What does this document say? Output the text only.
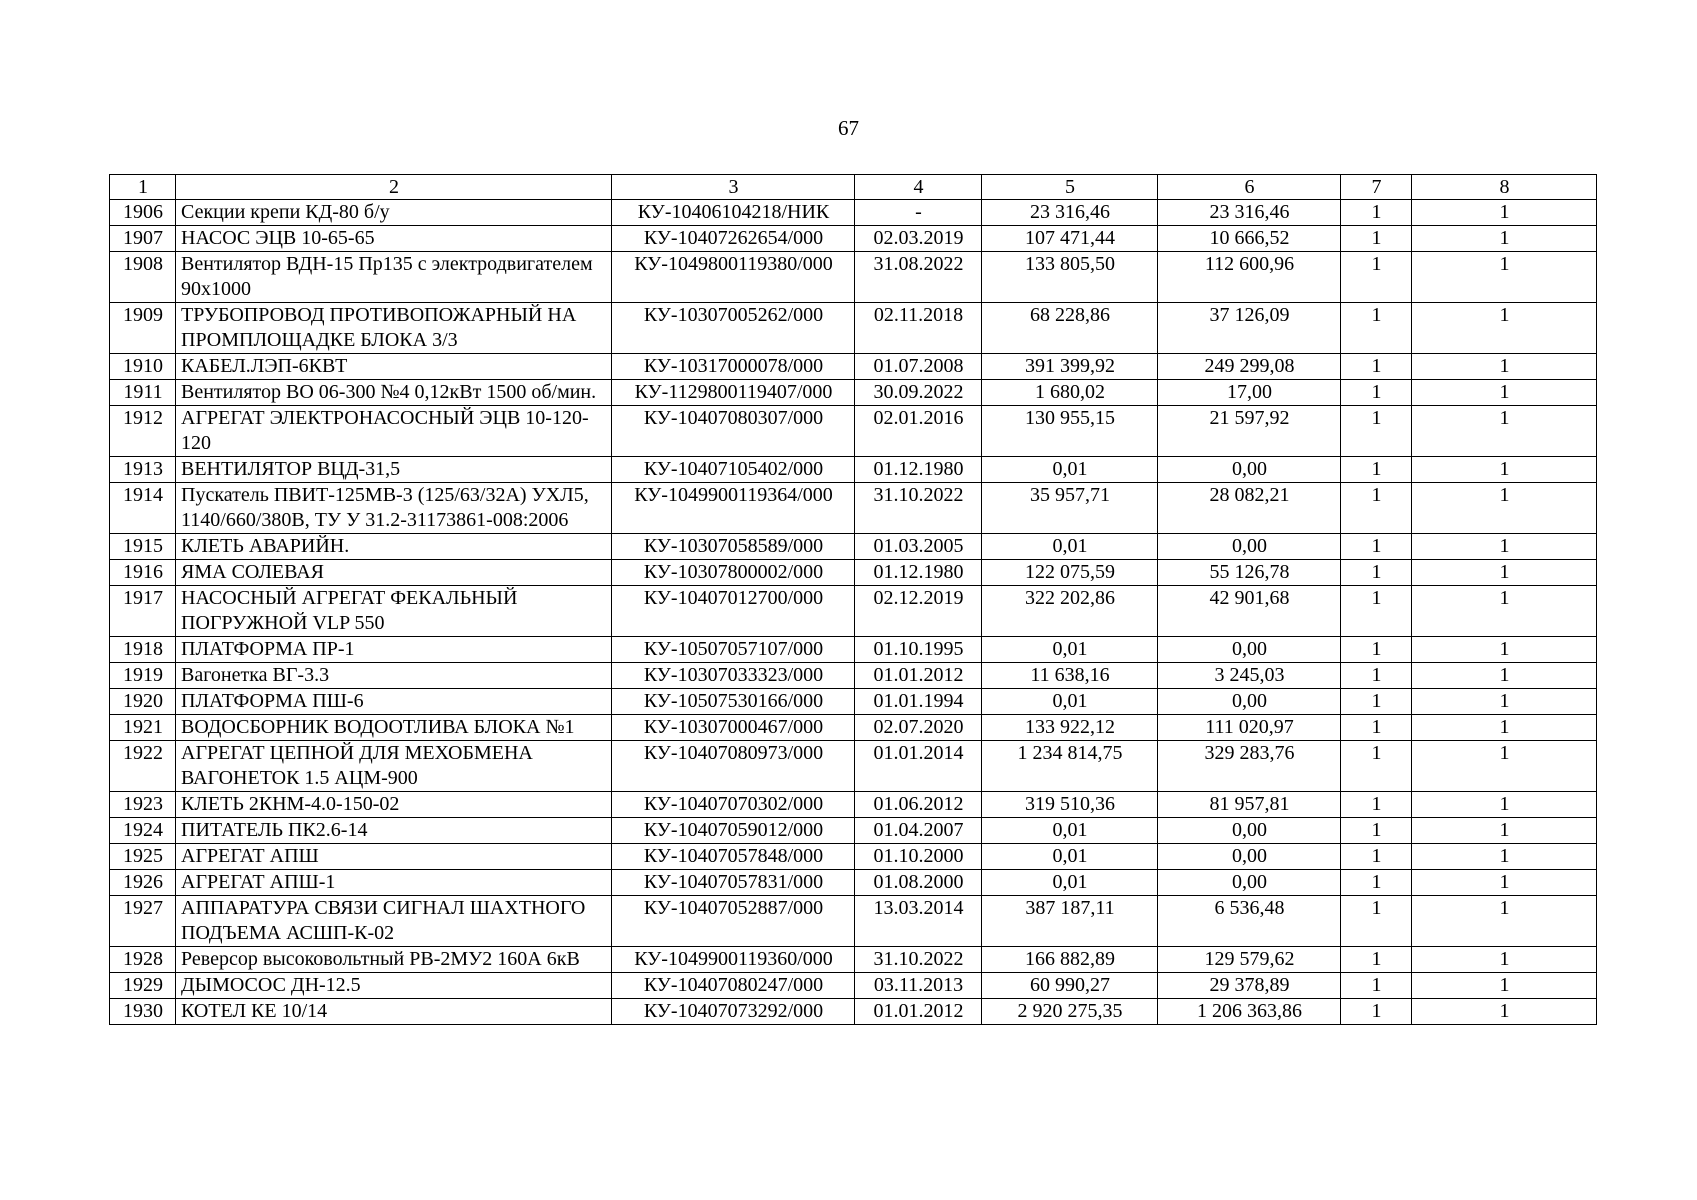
67
1	2	3	4	5	6	7	8
1906	Секции крепи КД-80 б/у	КУ-10406104218/НИК	-	23 316,46	23 316,46	1	1
1907	НАСОС ЭЦВ 10-65-65	КУ-10407262654/000	02.03.2019	107 471,44	10 666,52	1	1
1908	Вентилятор ВДН-15 Пр135 с электродвигателем 90х1000	КУ-1049800119380/000	31.08.2022	133 805,50	112 600,96	1	1
1909	ТРУБОПРОВОД ПРОТИВОПОЖАРНЫЙ НА ПРОМПЛОЩАДКЕ БЛОКА 3/3	КУ-10307005262/000	02.11.2018	68 228,86	37 126,09	1	1
1910	КАБЕЛ.ЛЭП-6КВТ	КУ-10317000078/000	01.07.2008	391 399,92	249 299,08	1	1
1911	Вентилятор ВО 06-300 №4 0,12кВт 1500 об/мин.	КУ-1129800119407/000	30.09.2022	1 680,02	17,00	1	1
1912	АГРЕГАТ ЭЛЕКТРОНАСОСНЫЙ ЭЦВ 10-120-120	КУ-10407080307/000	02.01.2016	130 955,15	21 597,92	1	1
1913	ВЕНТИЛЯТОР ВЦД-31,5	КУ-10407105402/000	01.12.1980	0,01	0,00	1	1
1914	Пускатель ПВИТ-125МВ-3 (125/63/32А) УХЛ5, 1140/660/380В, ТУ У 31.2-31173861-008:2006	КУ-1049900119364/000	31.10.2022	35 957,71	28 082,21	1	1
1915	КЛЕТЬ АВАРИЙН.	КУ-10307058589/000	01.03.2005	0,01	0,00	1	1
1916	ЯМА СОЛЕВАЯ	КУ-10307800002/000	01.12.1980	122 075,59	55 126,78	1	1
1917	НАСОСНЫЙ АГРЕГАТ ФЕКАЛЬНЫЙ ПОГРУЖНОЙ VLP 550	КУ-10407012700/000	02.12.2019	322 202,86	42 901,68	1	1
1918	ПЛАТФОРМА ПР-1	КУ-10507057107/000	01.10.1995	0,01	0,00	1	1
1919	Вагонетка ВГ-3.3	КУ-10307033323/000	01.01.2012	11 638,16	3 245,03	1	1
1920	ПЛАТФОРМА ПШ-6	КУ-10507530166/000	01.01.1994	0,01	0,00	1	1
1921	ВОДОСБОРНИК ВОДООТЛИВА БЛОКА №1	КУ-10307000467/000	02.07.2020	133 922,12	111 020,97	1	1
1922	АГРЕГАТ ЦЕПНОЙ ДЛЯ МЕХОБМЕНА ВАГОНЕТОК 1.5 АЦМ-900	КУ-10407080973/000	01.01.2014	1 234 814,75	329 283,76	1	1
1923	КЛЕТЬ 2КНМ-4.0-150-02	КУ-10407070302/000	01.06.2012	319 510,36	81 957,81	1	1
1924	ПИТАТЕЛЬ ПК2.6-14	КУ-10407059012/000	01.04.2007	0,01	0,00	1	1
1925	АГРЕГАТ АПШ	КУ-10407057848/000	01.10.2000	0,01	0,00	1	1
1926	АГРЕГАТ АПШ-1	КУ-10407057831/000	01.08.2000	0,01	0,00	1	1
1927	АППАРАТУРА СВЯЗИ СИГНАЛ ШАХТНОГО ПОДЪЕМА АСШП-К-02	КУ-10407052887/000	13.03.2014	387 187,11	6 536,48	1	1
1928	Реверсор высоковольтный РВ-2МУ2 160А 6кВ	КУ-1049900119360/000	31.10.2022	166 882,89	129 579,62	1	1
1929	ДЫМОСОС ДН-12.5	КУ-10407080247/000	03.11.2013	60 990,27	29 378,89	1	1
1930	КОТЕЛ КЕ 10/14	КУ-10407073292/000	01.01.2012	2 920 275,35	1 206 363,86	1	1
